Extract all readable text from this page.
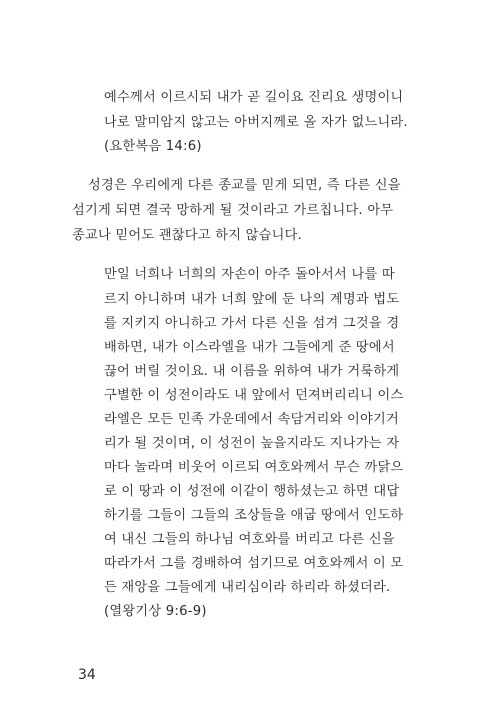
예수께서 이르시되 내가 곧 길이요 진리요 생명이니
나로 말미암지 않고는 아버지께로 올 자가 없느니라.
(요한복음 14:6)
성경은 우리에게 다른 종교를 믿게 되면, 즉 다른 신을
섬기게 되면 결국 망하게 될 것이라고 가르칩니다. 아무
종교나 믿어도 괜찮다고 하지 않습니다.
만일 너희나 너희의 자손이 아주 돌아서서 나를 따
르지 아니하며 내가 너희 앞에 둔 나의 계명과 법도
를 지키지 아니하고 가서 다른 신을 섬겨 그것을 경
배하면, 내가 이스라엘을 내가 그들에게 준 땅에서
끊어 버릴 것이요. 내 이름을 위하여 내가 거룩하게
구별한 이 성전이라도 내 앞에서 던져버리리니 이스
라엘은 모든 민족 가운데에서 속담거리와 이야기거
리가 될 것이며, 이 성전이 높을지라도 지나가는 자
마다 놀라며 비웃어 이르되 여호와께서 무슨 까닭으
로 이 땅과 이 성전에 이같이 행하셨는고 하면 대답
하기를 그들이 그들의 조상들을 애굽 땅에서 인도하
여 내신 그들의 하나님 여호와를 버리고 다른 신을
따라가서 그를 경배하여 섬기므로 여호와께서 이 모
든 재앙을 그들에게 내리심이라 하리라 하셨더라.
(열왕기상 9:6-9)
34
